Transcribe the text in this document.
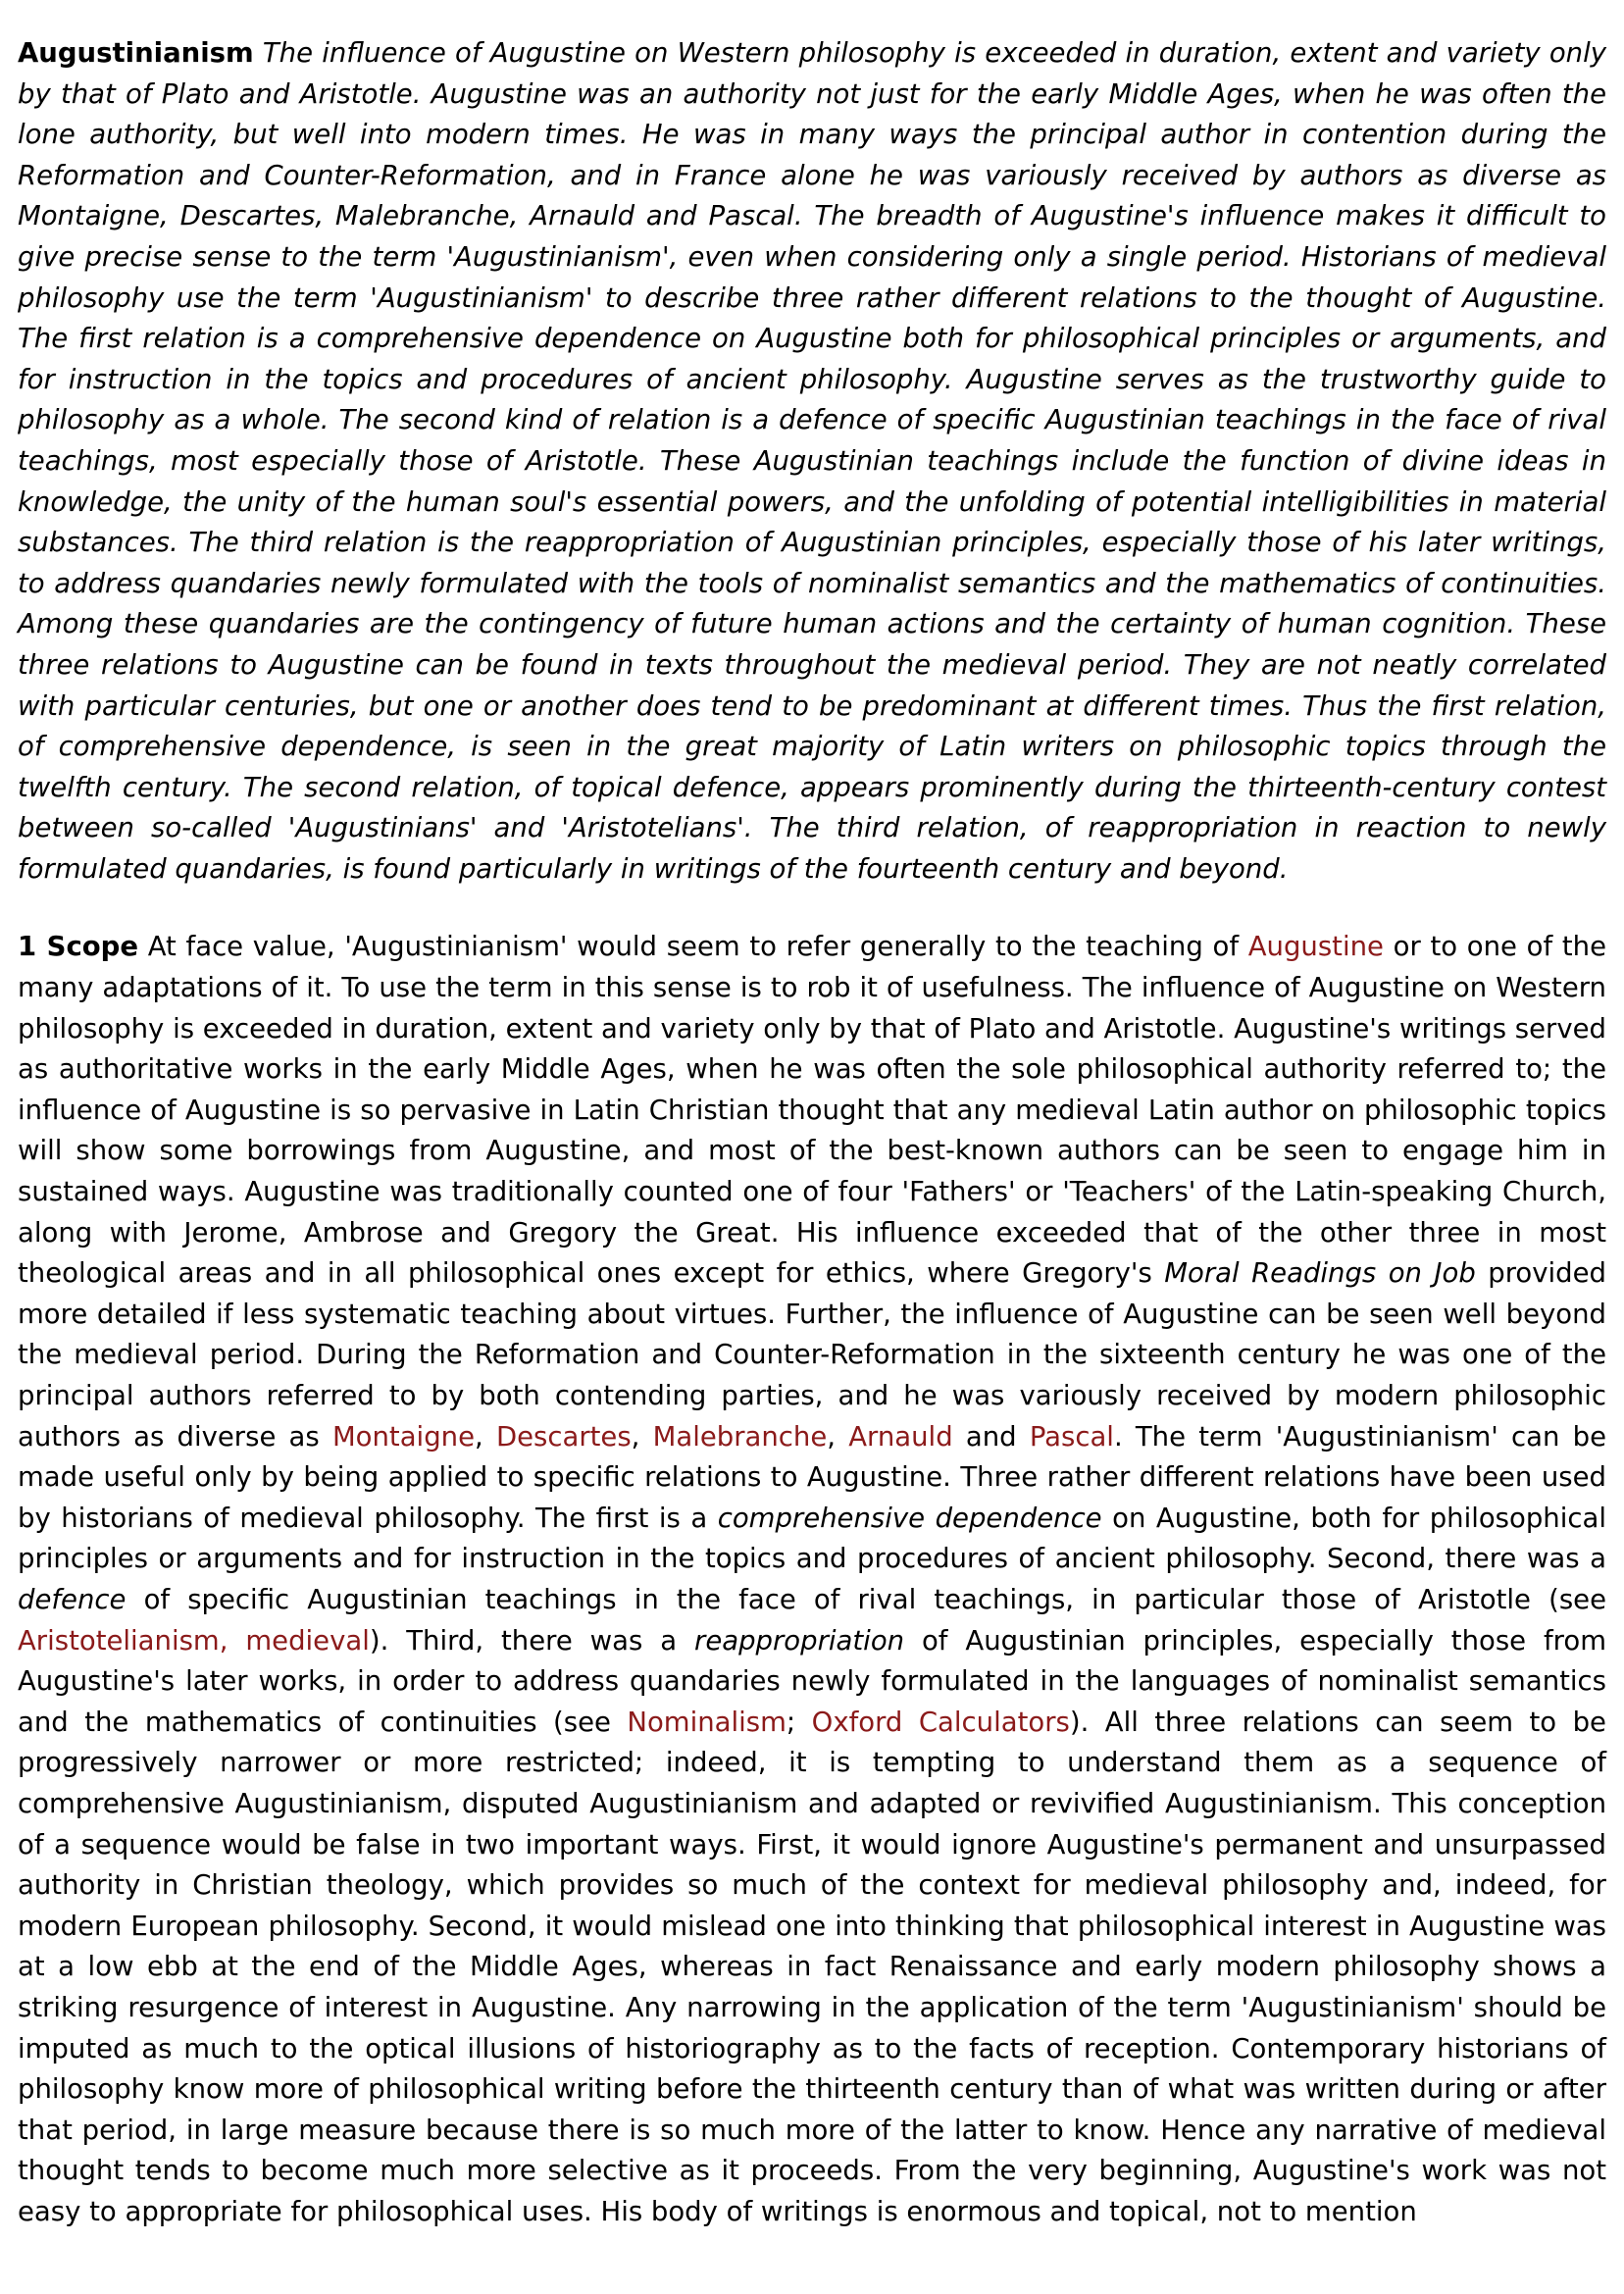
Augustinianism The influence of Augustine on Western philosophy is exceeded in duration, extent and variety only by that of Plato and Aristotle. Augustine was an authority not just for the early Middle Ages, when he was often the lone authority, but well into modern times. He was in many ways the principal author in contention during the Reformation and Counter-Reformation, and in France alone he was variously received by authors as diverse as Montaigne, Descartes, Malebranche, Arnauld and Pascal. The breadth of Augustine's influence makes it difficult to give precise sense to the term 'Augustinianism', even when considering only a single period. Historians of medieval philosophy use the term 'Augustinianism' to describe three rather different relations to the thought of Augustine. The first relation is a comprehensive dependence on Augustine both for philosophical principles or arguments, and for instruction in the topics and procedures of ancient philosophy. Augustine serves as the trustworthy guide to philosophy as a whole. The second kind of relation is a defence of specific Augustinian teachings in the face of rival teachings, most especially those of Aristotle. These Augustinian teachings include the function of divine ideas in knowledge, the unity of the human soul's essential powers, and the unfolding of potential intelligibilities in material substances. The third relation is the reappropriation of Augustinian principles, especially those of his later writings, to address quandaries newly formulated with the tools of nominalist semantics and the mathematics of continuities. Among these quandaries are the contingency of future human actions and the certainty of human cognition. These three relations to Augustine can be found in texts throughout the medieval period. They are not neatly correlated with particular centuries, but one or another does tend to be predominant at different times. Thus the first relation, of comprehensive dependence, is seen in the great majority of Latin writers on philosophic topics through the twelfth century. The second relation, of topical defence, appears prominently during the thirteenth-century contest between so-called 'Augustinians' and 'Aristotelians'. The third relation, of reappropriation in reaction to newly formulated quandaries, is found particularly in writings of the fourteenth century and beyond.

1 Scope At face value, 'Augustinianism' would seem to refer generally to the teaching of Augustine or to one of the many adaptations of it. To use the term in this sense is to rob it of usefulness. The influence of Augustine on Western philosophy is exceeded in duration, extent and variety only by that of Plato and Aristotle. Augustine's writings served as authoritative works in the early Middle Ages, when he was often the sole philosophical authority referred to; the influence of Augustine is so pervasive in Latin Christian thought that any medieval Latin author on philosophic topics will show some borrowings from Augustine, and most of the best-known authors can be seen to engage him in sustained ways. Augustine was traditionally counted one of four 'Fathers' or 'Teachers' of the Latin-speaking Church, along with Jerome, Ambrose and Gregory the Great. His influence exceeded that of the other three in most theological areas and in all philosophical ones except for ethics, where Gregory's Moral Readings on Job provided more detailed if less systematic teaching about virtues. Further, the influence of Augustine can be seen well beyond the medieval period. During the Reformation and Counter-Reformation in the sixteenth century he was one of the principal authors referred to by both contending parties, and he was variously received by modern philosophic authors as diverse as Montaigne, Descartes, Malebranche, Arnauld and Pascal. The term 'Augustinianism' can be made useful only by being applied to specific relations to Augustine. Three rather different relations have been used by historians of medieval philosophy. The first is a comprehensive dependence on Augustine, both for philosophical principles or arguments and for instruction in the topics and procedures of ancient philosophy. Second, there was a defence of specific Augustinian teachings in the face of rival teachings, in particular those of Aristotle (see Aristotelianism, medieval). Third, there was a reappropriation of Augustinian principles, especially those from Augustine's later works, in order to address quandaries newly formulated in the languages of nominalist semantics and the mathematics of continuities (see Nominalism; Oxford Calculators). All three relations can seem to be progressively narrower or more restricted; indeed, it is tempting to understand them as a sequence of comprehensive Augustinianism, disputed Augustinianism and adapted or revivified Augustinianism. This conception of a sequence would be false in two important ways. First, it would ignore Augustine's permanent and unsurpassed authority in Christian theology, which provides so much of the context for medieval philosophy and, indeed, for modern European philosophy. Second, it would mislead one into thinking that philosophical interest in Augustine was at a low ebb at the end of the Middle Ages, whereas in fact Renaissance and early modern philosophy shows a striking resurgence of interest in Augustine. Any narrowing in the application of the term 'Augustinianism' should be imputed as much to the optical illusions of historiography as to the facts of reception. Contemporary historians of philosophy know more of philosophical writing before the thirteenth century than of what was written during or after that period, in large measure because there is so much more of the latter to know. Hence any narrative of medieval thought tends to become much more selective as it proceeds. From the very beginning, Augustine's work was not easy to appropriate for philosophical uses. His body of writings is enormous and topical, not to mention
